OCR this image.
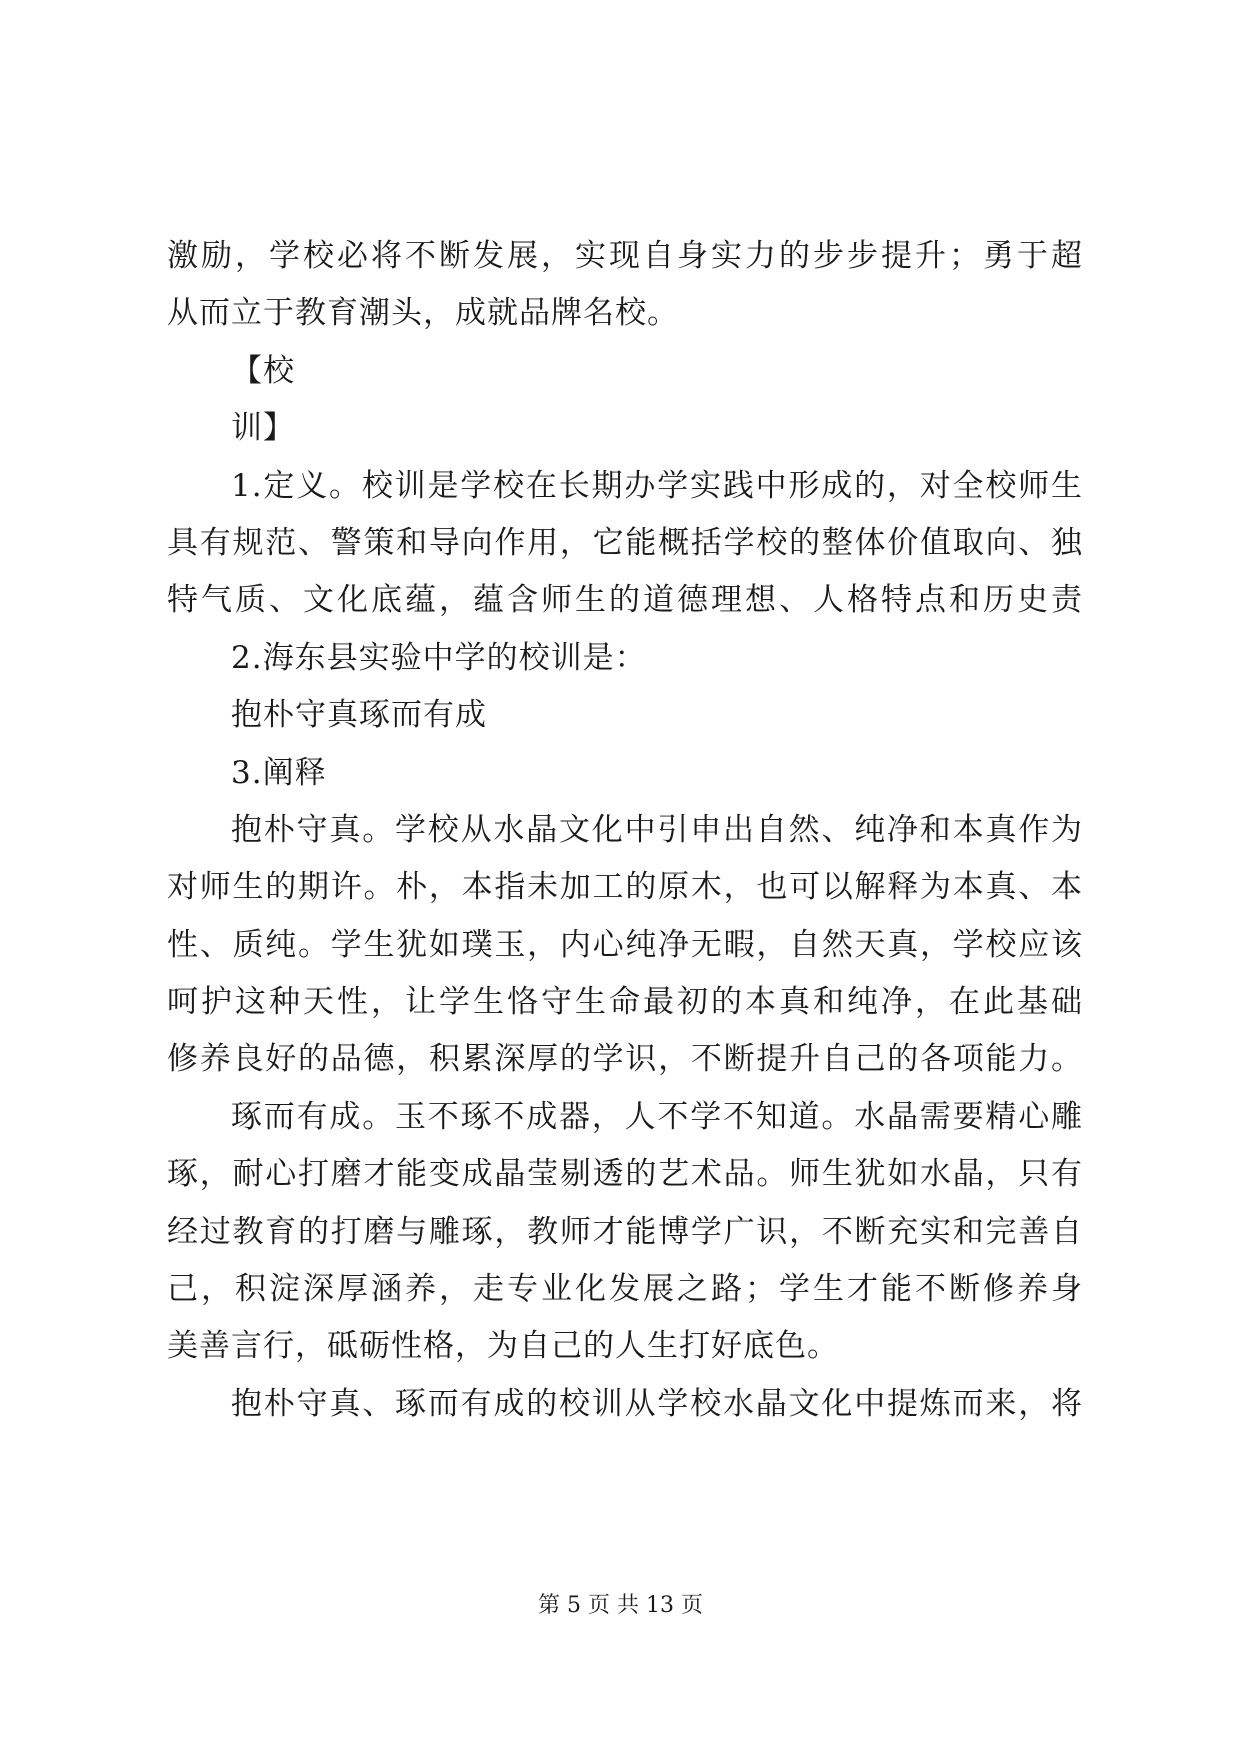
激励，学校必将不断发展，实现自身实力的步步提升；勇于超
从而立于教育潮头，成就品牌名校。
【校
训】
1.定义。校训是学校在长期办学实践中形成的，对全校师生
具有规范、警策和导向作用，它能概括学校的整体价值取向、独
特气质、文化底蕴，蕴含师生的道德理想、人格特点和历史责
2.海东县实验中学的校训是：
抱朴守真琢而有成
3.阐释
抱朴守真。学校从水晶文化中引申出自然、纯净和本真作为
对师生的期许。朴，本指未加工的原木，也可以解释为本真、本
性、质纯。学生犹如璞玉，内心纯净无暇，自然天真，学校应该
呵护这种天性，让学生恪守生命最初的本真和纯净，在此基础
修养良好的品德，积累深厚的学识，不断提升自己的各项能力。
琢而有成。玉不琢不成器，人不学不知道。水晶需要精心雕
琢，耐心打磨才能变成晶莹剔透的艺术品。师生犹如水晶，只有
经过教育的打磨与雕琢，教师才能博学广识，不断充实和完善自
己，积淀深厚涵养，走专业化发展之路；学生才能不断修养身
美善言行，砥砺性格，为自己的人生打好底色。
抱朴守真、琢而有成的校训从学校水晶文化中提炼而来，将
第 5 页 共 13 页
